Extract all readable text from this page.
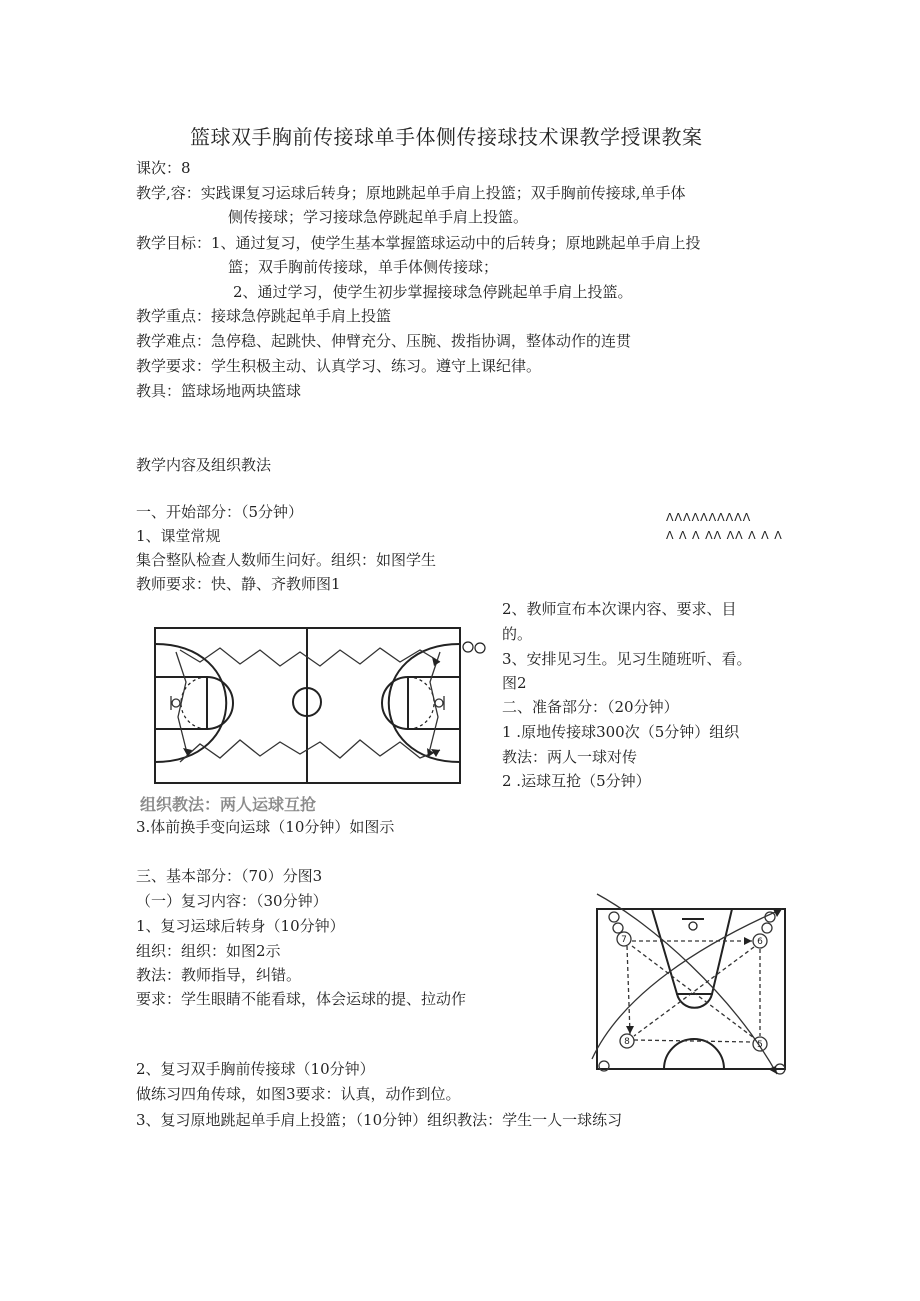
篮球双手胸前传接球单手体侧传接球技术课教学授课教案
课次：8
教学,容：实践课复习运球后转身；原地跳起单手肩上投篮；双手胸前传接球,单手体
侧传接球；学习接球急停跳起单手肩上投篮。
教学目标：1、通过复习，使学生基本掌握篮球运动中的后转身；原地跳起单手肩上投
篮；双手胸前传接球，单手体侧传接球；
2、通过学习，使学生初步掌握接球急停跳起单手肩上投篮。
教学重点：接球急停跳起单手肩上投篮
教学难点：急停稳、起跳快、伸臂充分、压腕、拨指协调，整体动作的连贯
教学要求：学生积极主动、认真学习、练习。遵守上课纪律。
教具：篮球场地两块篮球
教学内容及组织教法
一、开始部分：（5分钟）
1、课堂常规
集合整队检查人数师生问好。组织：如图学生
教师要求：快、静、齐教师图1
ΛΛΛΛΛΛΛΛΛΛ
Λ Λ Λ ΛΛ ΛΛ Λ Λ Λ
2、教师宣布本次课内容、要求、目
的。
3、安排见习生。见习生随班听、看。
图2
二、准备部分：（20分钟）
1 .原地传接球300次（5分钟）组织
教法：两人一球对传
2 .运球互抢（5分钟）
组织教法：两人运球互抢
3.体前换手变向运球（10分钟）如图示
三、基本部分：（70）分图3
（一）复习内容：（30分钟）
1、复习运球后转身（10分钟）
组织：组织：如图2示
教法：教师指导，纠错。
要求：学生眼睛不能看球，体会运球的提、拉动作
2、复习双手胸前传接球（10分钟）
做练习四角传球，如图3要求：认真，动作到位。
3、复习原地跳起单手肩上投篮；（10分钟）组织教法：学生一人一球练习
7	6
8	5
